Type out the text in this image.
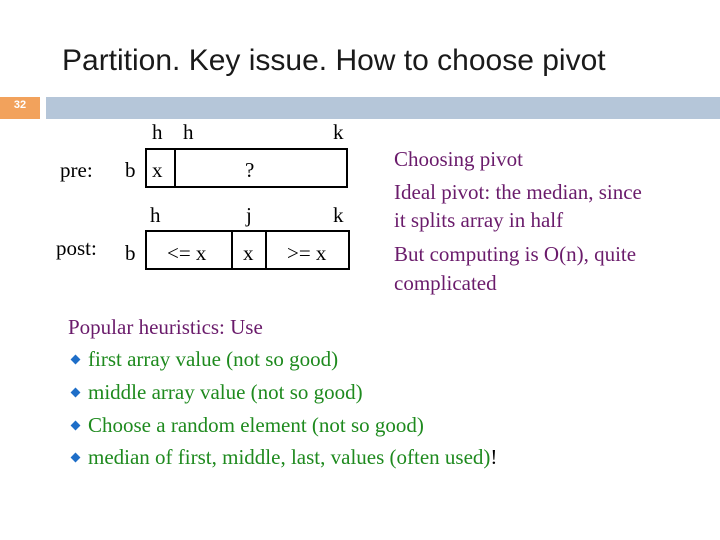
Partition. Key issue. How to choose pivot
32
h h	k
pre: b x	?
h	j	k
post: b <= x x >= x
Choosing pivot
Ideal pivot: the median, since
it splits array in half
But computing is O(n), quite
complicated
Popular heuristics: Use
first array value (not so good)
middle array value (not so good)
Choose a random element (not so good)
median of first, middle, last, values (often used)!
